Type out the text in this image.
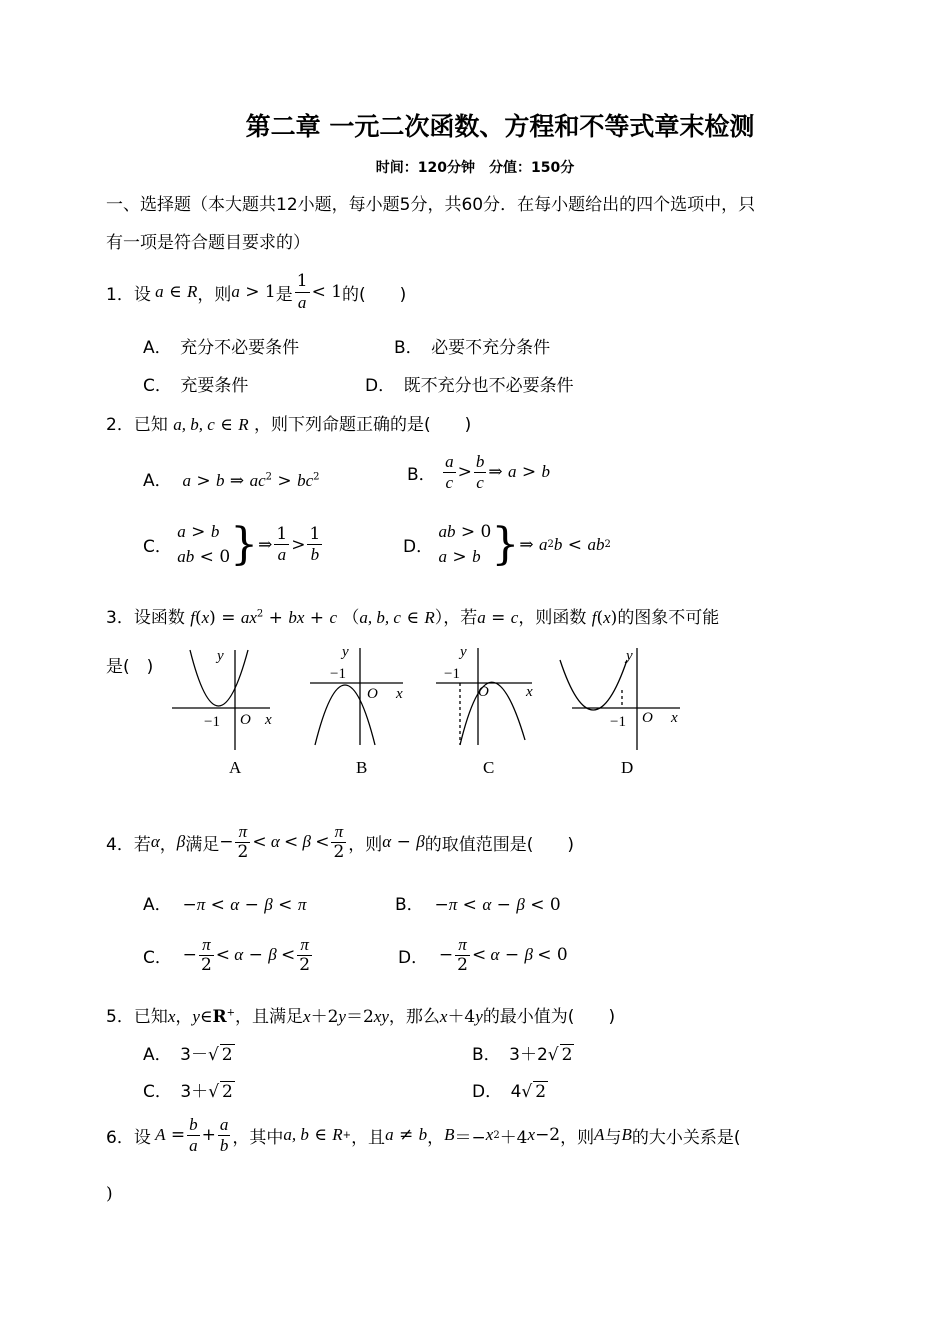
第二章 一元二次函数、方程和不等式章末检测
时间：120分钟　分值：150分
一、选择题（本大题共12小题，每小题5分，共60分．在每小题给出的四个选项中，只
有一项是符合题目要求的）
1．设 a ∈ R ，则 a > 1 是 $\frac{1}{a} < 1$ 的(　　)
A．　充分不必要条件	B．　必要不充分条件
C．　充要条件	D．　既不充分也不必要条件
2．已知 a, b, c ∈ R ，则下列命题正确的是(　　)
A． a > b ⇒ $ac^2 > bc^2$	B．
$\frac{a}{c} > \frac{b}{c}$ ⇒ a > b
C．

a > b
ab < 0 } ⇒ $\frac{1}{a} > \frac{1}{b}$	D．

ab > 0
a > b } ⇒ a 2 b < ab 2
3．设函数 $f(x) = ax^2$ + bx + c （a, b, c ∈ R），若a = c，则函数 f(x)的图象不可能
是(　)
y
x
O
y
x
O
y
x
O
y
x
O
−1
−1	−1
−1
A	B	C	D
4．若 α ， β 满足 − $\frac{\pi}{2} < \alpha < \beta < \frac{\pi}{2}$ ，则 α − β 的取值范围是(　　)
A．  −π < α − β < π	B．  −π < α − β < 0
C． − $\frac{\pi}{2} < \alpha - \beta < \frac{\pi}{2}$	D． − $\frac{\pi}{2} < \alpha - \beta < 0$
5．已知x，y∈R+，且满足x＋2y＝2xy，那么x＋4y的最小值为(　　)
A．　3－√ 2	B．　3＋2√ 2
C．　3＋√ 2	D．　4√ 2
6．设 $A = \frac{b}{a} + \frac{a}{b}$ ，其中 a, b ∈ R + ，且 a ≠ b ， B ＝− x 2 ＋4 x −2 ，则 A 与 B 的大小关系是(
)
